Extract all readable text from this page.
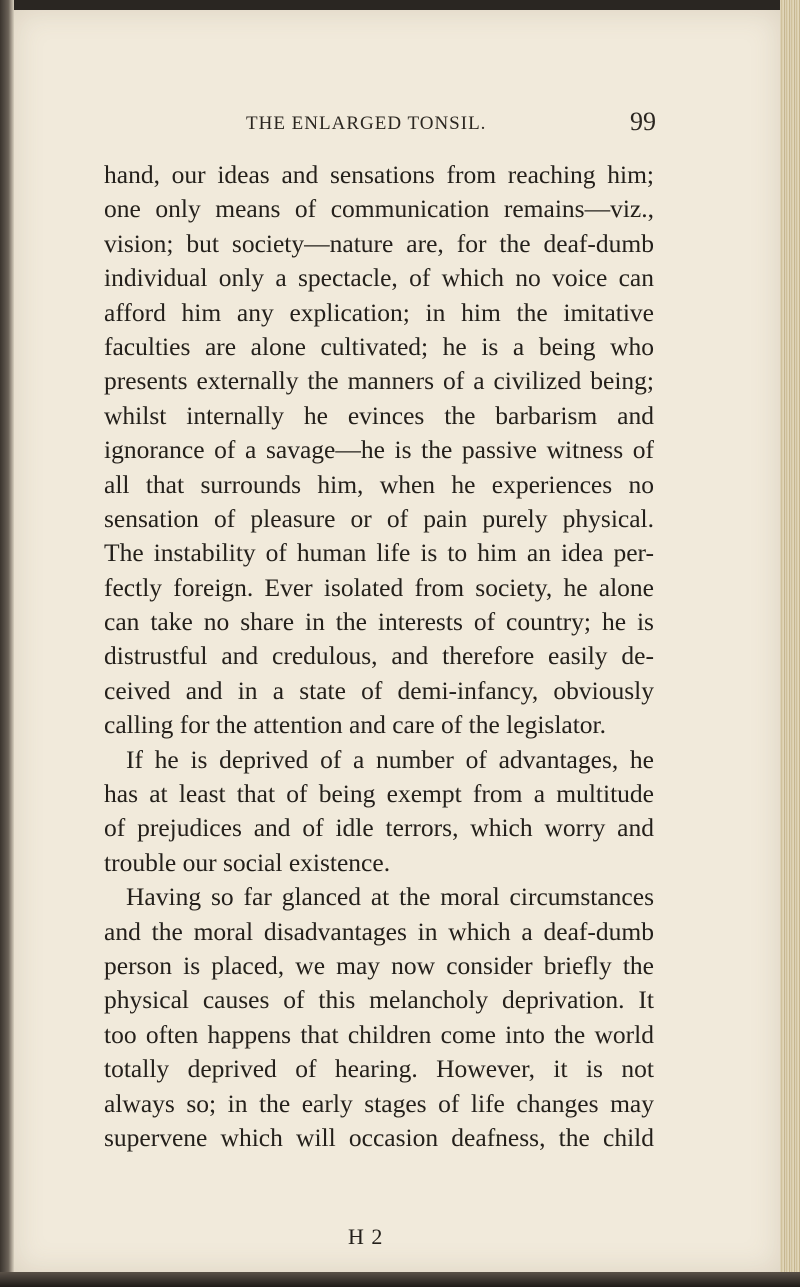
THE ENLARGED TONSIL.	99
hand, our ideas and sensations from reaching him;
one only means of communication remains—viz.,
vision; but society—nature are, for the deaf-dumb
individual only a spectacle, of which no voice can
afford him any explication; in him the imitative
faculties are alone cultivated; he is a being who
presents externally the manners of a civilized being;
whilst internally he evinces the barbarism and
ignorance of a savage—he is the passive witness of
all that surrounds him, when he experiences no
sensation of pleasure or of pain purely physical.
The instability of human life is to him an idea per-
fectly foreign. Ever isolated from society, he alone
can take no share in the interests of country; he is
distrustful and credulous, and therefore easily de-
ceived and in a state of demi-infancy, obviously
calling for the attention and care of the legislator.
If he is deprived of a number of advantages, he
has at least that of being exempt from a multitude
of prejudices and of idle terrors, which worry and
trouble our social existence.
Having so far glanced at the moral circumstances
and the moral disadvantages in which a deaf-dumb
person is placed, we may now consider briefly the
physical causes of this melancholy deprivation. It
too often happens that children come into the world
totally deprived of hearing. However, it is not
always so; in the early stages of life changes may
supervene which will occasion deafness, the child
H 2
